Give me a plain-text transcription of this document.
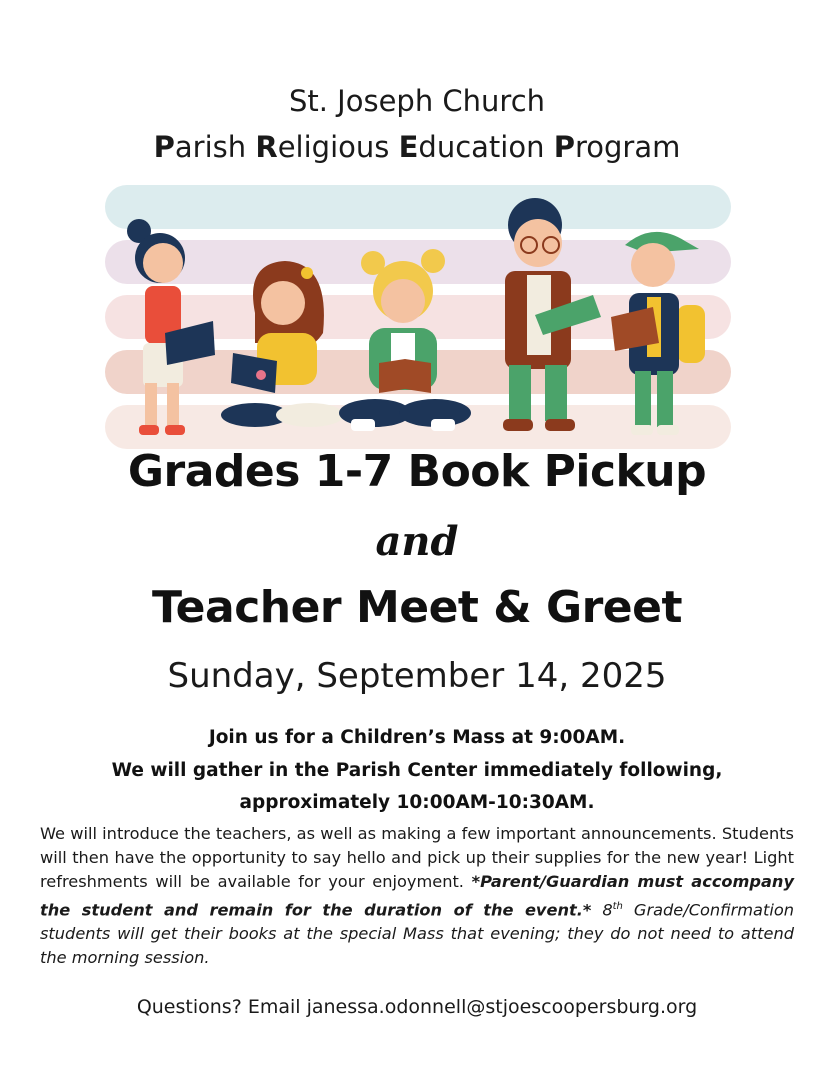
St. Joseph Church
Parish Religious Education Program
Grades 1-7 Book Pickup
and
Teacher Meet & Greet
Sunday, September 14, 2025
Join us for a Children’s Mass at 9:00AM.
We will gather in the Parish Center immediately following,
approximately 10:00AM-10:30AM.
We will introduce the teachers, as well as making a few important announcements. Students will then have the opportunity to say hello and pick up their supplies for the new year! Light refreshments will be available for your enjoyment. *Parent/Guardian must accompany the student and remain for the duration of the event.* 8th Grade/Confirmation students will get their books at the special Mass that evening; they do not need to attend the morning session.
Questions? Email janessa.odonnell@stjoescoopersburg.org
